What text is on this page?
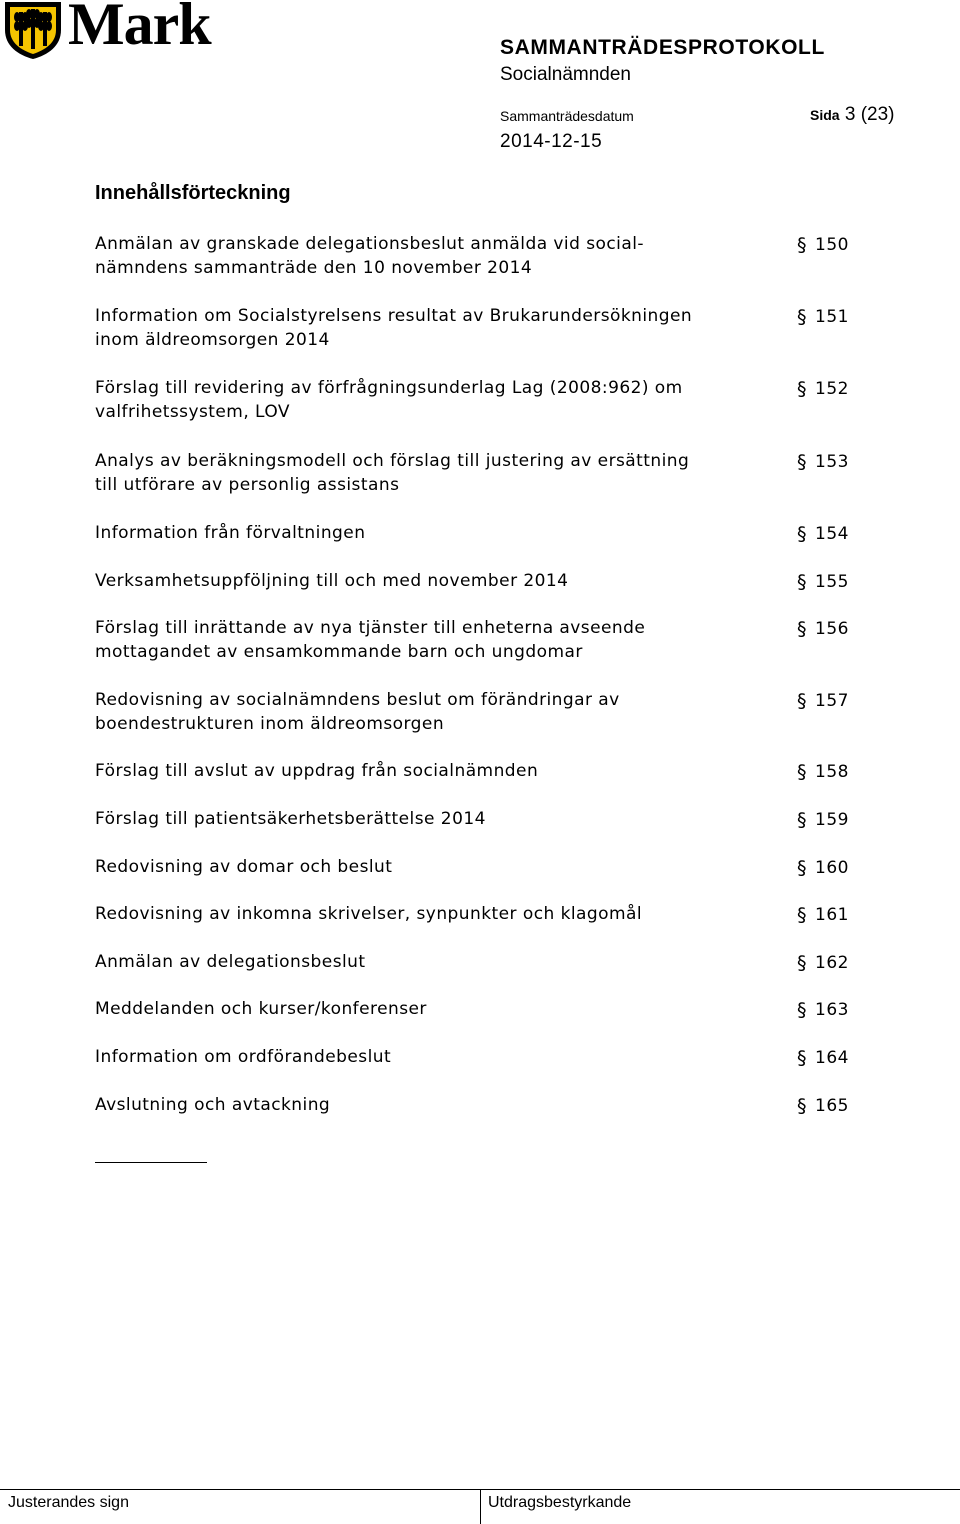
Mark	SAMMANTRÄDESPROTOKOLL
Socialnämnden
Sammanträdesdatum	Sida 3 (23)
2014-12-15
Innehållsförteckning
Anmälan av granskade delegationsbeslut anmälda vid social-
nämndens sammanträde den 10 november 2014
§ 150
Information om Socialstyrelsens resultat av Brukarundersökningen
inom äldreomsorgen 2014
§ 151
Förslag till revidering av förfrågningsunderlag Lag (2008:962) om
valfrihetssystem, LOV
§ 152
Analys av beräkningsmodell och förslag till justering av ersättning
till utförare av personlig assistans
§ 153
Information från förvaltningen	§ 154
Verksamhetsuppföljning till och med november 2014	§ 155
Förslag till inrättande av nya tjänster till enheterna avseende
mottagandet av ensamkommande barn och ungdomar
§ 156
Redovisning av socialnämndens beslut om förändringar av
boendestrukturen inom äldreomsorgen
§ 157
Förslag till avslut av uppdrag från socialnämnden	§ 158
Förslag till patientsäkerhetsberättelse 2014	§ 159
Redovisning av domar och beslut	§ 160
Redovisning av inkomna skrivelser, synpunkter och klagomål	§ 161
Anmälan av delegationsbeslut	§ 162
Meddelanden och kurser/konferenser	§ 163
Information om ordförandebeslut	§ 164
Avslutning och avtackning	§ 165
Justerandes sign	Utdragsbestyrkande
